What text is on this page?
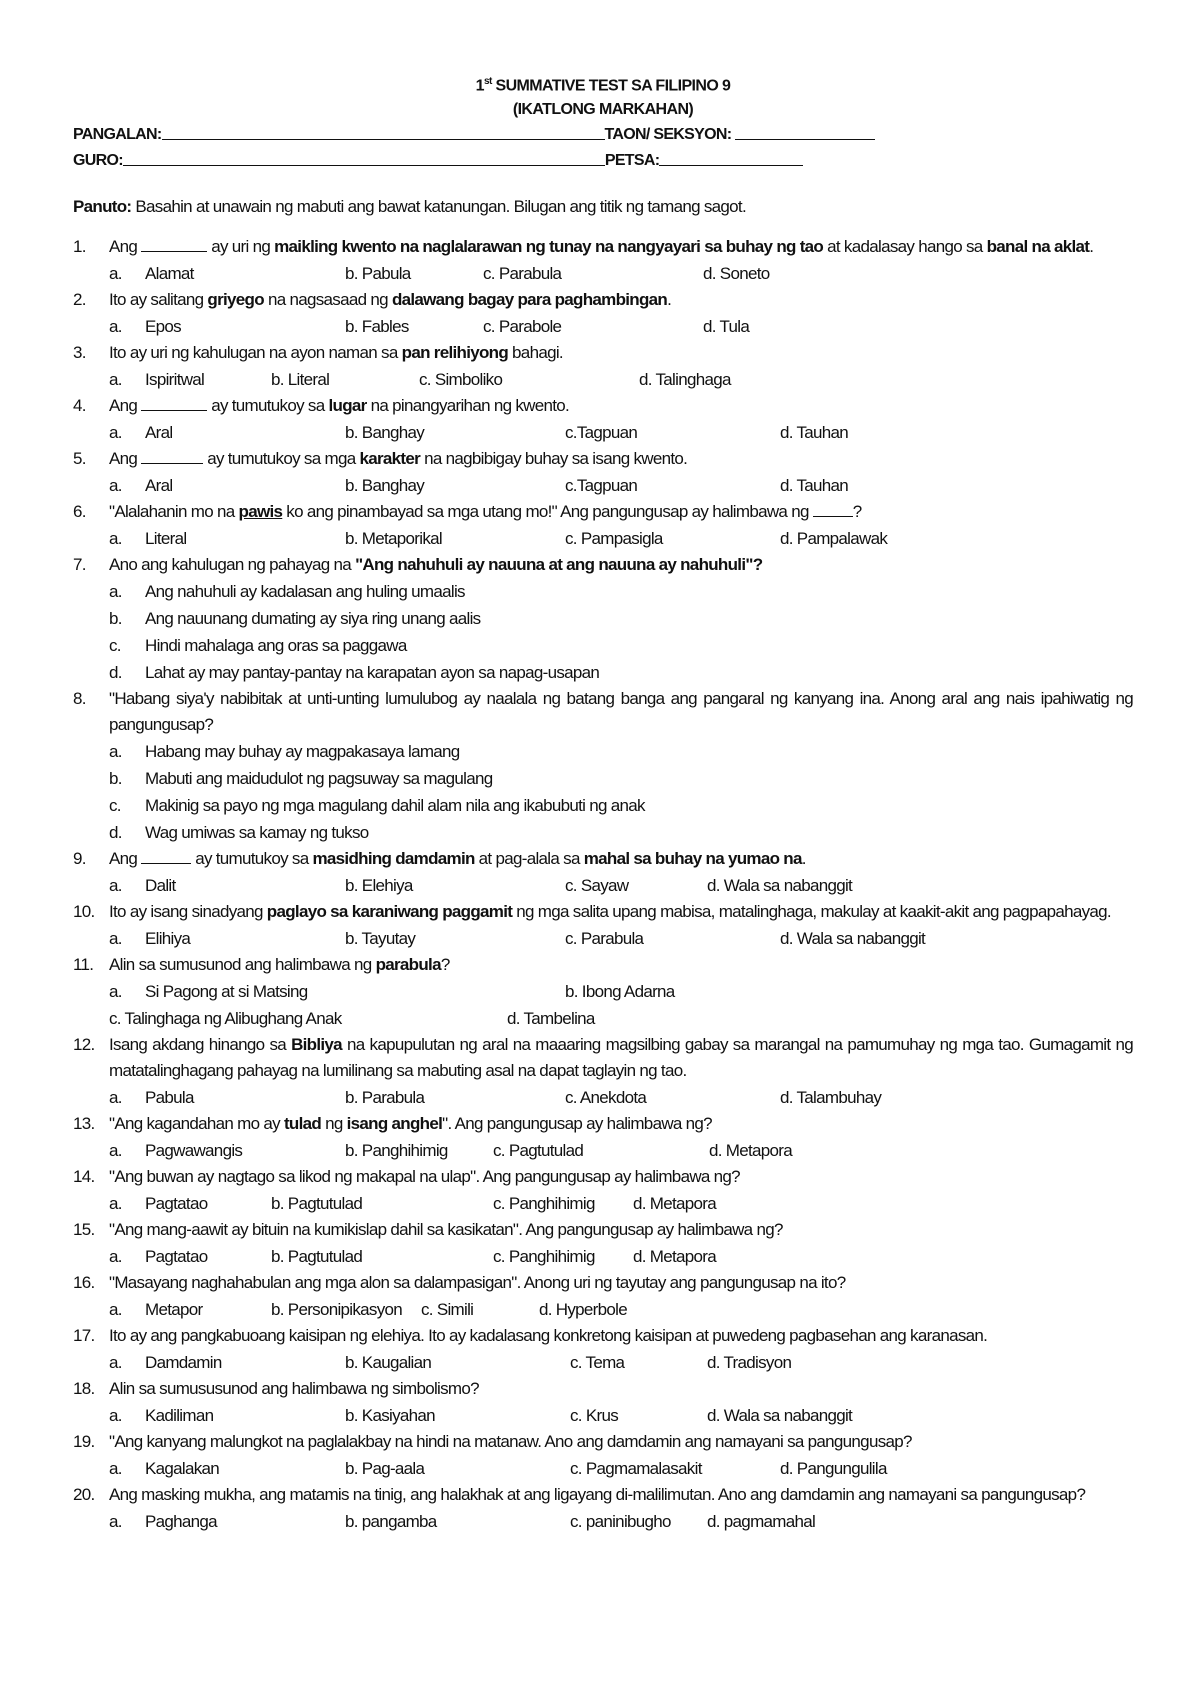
1st SUMMATIVE TEST SA FILIPINO 9
(IKATLONG MARKAHAN)
PANGALAN:	TAON/ SEKSYON:
GURO:	PETSA:
Panuto: Basahin at unawain ng mabuti ang bawat katanungan. Bilugan ang titik ng tamang sagot.
1.	Ang	ay uri ng maikling kwento na naglalarawan ng tunay na nangyayari sa buhay ng tao at kadalasay hango sa banal na aklat.
a.	Alamat	b. Pabula	c. Parabula	d. Soneto
2.	Ito ay salitang griyego na nagsasaad ng dalawang bagay para paghambingan.
a.	Epos	b. Fables	c. Parabole	d. Tula
3.	Ito ay uri ng kahulugan na ayon naman sa pan relihiyong bahagi.
a.	Ispiritwal	b. Literal	c. Simboliko	d. Talinghaga
4.	Ang	ay tumutukoy sa lugar na pinangyarihan ng kwento.
a.	Aral	b. Banghay	c.Tagpuan	d. Tauhan
5.	Ang	ay tumutukoy sa mga karakter na nagbibigay buhay sa isang kwento.
a.	Aral	b. Banghay	c.Tagpuan	d. Tauhan
6.	"Alalahanin mo na pawis ko ang pinambayad sa mga utang mo!" Ang pangungusap ay halimbawa ng ?
a.	Literal	b. Metaporikal	c. Pampasigla	d. Pampalawak
7.	Ano ang kahulugan ng pahayag na "Ang nahuhuli ay nauuna at ang nauuna ay nahuhuli"?
a.	Ang nahuhuli ay kadalasan ang huling umaalis
b.	Ang nauunang dumating ay siya ring unang aalis
c.	Hindi mahalaga ang oras sa paggawa
d.	Lahat ay may pantay-pantay na karapatan ayon sa napag-usapan
8.	"Habang siya'y nabibitak at unti-unting lumulubog ay naalala ng batang banga ang pangaral ng kanyang ina. Anong aral ang nais ipahiwatig ng pangungusap?
a.	Habang may buhay ay magpakasaya lamang
b.	Mabuti ang maidudulot ng pagsuway sa magulang
c.	Makinig sa payo ng mga magulang dahil alam nila ang ikabubuti ng anak
d.	Wag umiwas sa kamay ng tukso
9.	Ang	ay tumutukoy sa masidhing damdamin at pag-alala sa mahal sa buhay na yumao na.
a.	Dalit	b. Elehiya	c. Sayaw	d. Wala sa nabanggit
10. Ito ay isang sinadyang paglayo sa karaniwang paggamit ng mga salita upang mabisa, matalinghaga, makulay at kaakit-akit ang pagpapahayag.
a.	Elihiya	b. Tayutay	c. Parabula	d. Wala sa nabanggit
11. Alin sa sumusunod ang halimbawa ng parabula?
a.	Si Pagong at si Matsing	b. Ibong Adarna
c. Talinghaga ng Alibughang Anak	d. Tambelina
12. Isang akdang hinango sa Bibliya na kapupulutan ng aral na maaaring magsilbing gabay sa marangal na pamumuhay ng mga tao. Gumagamit ng matatalinghagang pahayag na lumilinang sa mabuting asal na dapat taglayin ng tao.
a.	Pabula	b. Parabula	c. Anekdota	d. Talambuhay
13. "Ang kagandahan mo ay tulad ng isang anghel". Ang pangungusap ay halimbawa ng?
a.	Pagwawangis	b. Panghihimig	c. Pagtutulad	d. Metapora
14. "Ang buwan ay nagtago sa likod ng makapal na ulap". Ang pangungusap ay halimbawa ng?
a.	Pagtatao	b. Pagtutulad	c. Panghihimig	d. Metapora
15. "Ang mang-aawit ay bituin na kumikislap dahil sa kasikatan". Ang pangungusap ay halimbawa ng?
a.	Pagtatao	b. Pagtutulad	c. Panghihimig	d. Metapora
16. "Masayang naghahabulan ang mga alon sa dalampasigan". Anong uri ng tayutay ang pangungusap na ito?
a.	Metapor	b. Personipikasyon	c. Simili	d. Hyperbole
17. Ito ay ang pangkabuoang kaisipan ng elehiya. Ito ay kadalasang konkretong kaisipan at puwedeng pagbasehan ang karanasan.
a.	Damdamin	b. Kaugalian	c. Tema	d. Tradisyon
18. Alin sa sumususunod ang halimbawa ng simbolismo?
a.	Kadiliman	b. Kasiyahan	c. Krus	d. Wala sa nabanggit
19. "Ang kanyang malungkot na paglalakbay na hindi na matanaw. Ano ang damdamin ang namayani sa pangungusap?
a.	Kagalakan	b. Pag-aala	c. Pagmamalasakit	d. Pangungulila
20. Ang masking mukha, ang matamis na tinig, ang halakhak at ang ligayang di-malilimutan. Ano ang damdamin ang namayani sa pangungusap?
a.	Paghanga	b. pangamba	c. paninibugho	d. pagmamahal
